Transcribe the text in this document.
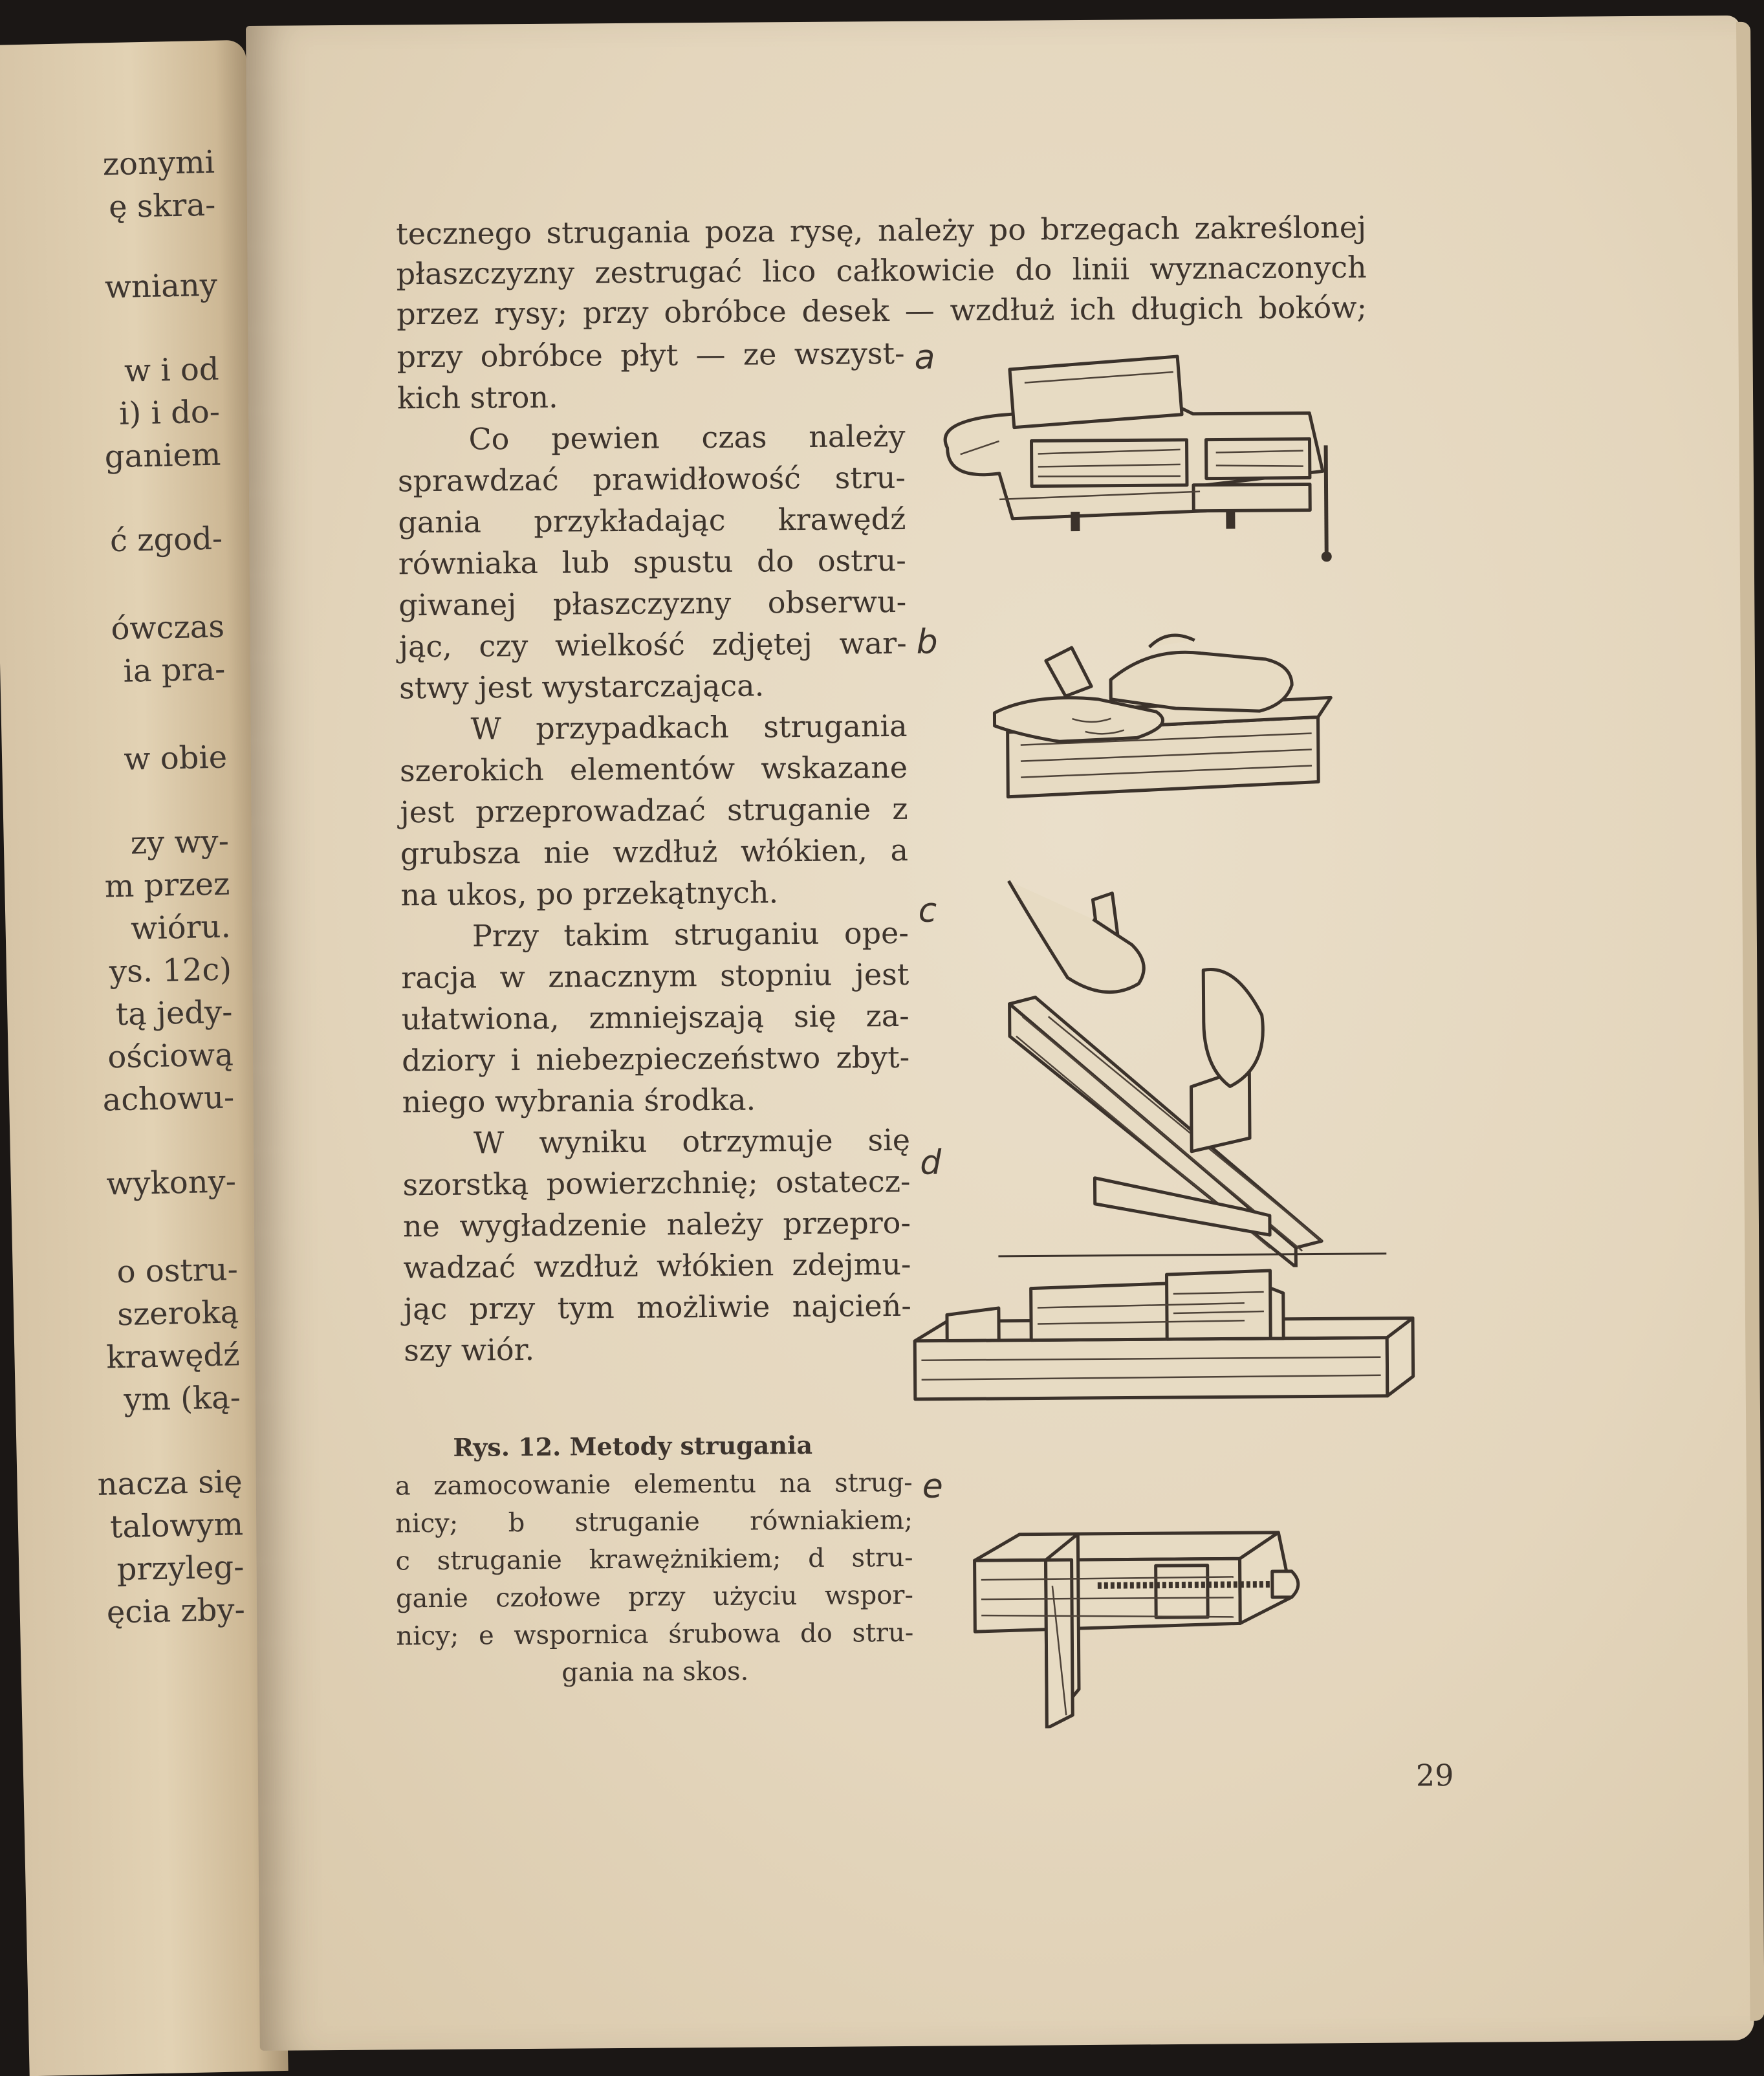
zonymi
ę skra-
wniany
w i od
i) i do-
ganiem
ć zgod-
ówczas
ia pra-
w obie
zy wy-
m przez
wióru.
ys. 12c)
tą jedy-
ościową
achowu-
wykony-
o ostru-
szeroką
krawędź
ym (ką-
nacza się
talowym
przyleg-
ęcia zby-
tecznego strugania poza rysę, należy po brzegach zakreślonej
płaszczyzny zestrugać lico całkowicie do linii wyznaczonych
przez rysy; przy obróbce desek — wzdłuż ich długich boków;
przy obróbce płyt — ze wszyst-
kich stron.
Co pewien czas należy
sprawdzać prawidłowość stru-
gania przykładając krawędź
równiaka lub spustu do ostru-
giwanej płaszczyzny obserwu-
jąc, czy wielkość zdjętej war-
stwy jest wystarczająca.
W przypadkach strugania
szerokich elementów wskazane
jest przeprowadzać struganie z
grubsza nie wzdłuż włókien, a
na ukos, po przekątnych.
Przy takim struganiu ope-
racja w znacznym stopniu jest
ułatwiona, zmniejszają się za-
dziory i niebezpieczeństwo zbyt-
niego wybrania środka.
W wyniku otrzymuje się
szorstką powierzchnię; ostatecz-
ne wygładzenie należy przepro-
wadzać wzdłuż włókien zdejmu-
jąc przy tym możliwie najcień-
szy wiór.
a
b
c
d
e
Rys. 12. Metody strugania
a zamocowanie elementu na strug-
nicy; b struganie równiakiem;
c struganie krawężnikiem; d stru-
ganie czołowe przy użyciu wspor-
nicy; e wspornica śrubowa do stru-
gania na skos.
29
